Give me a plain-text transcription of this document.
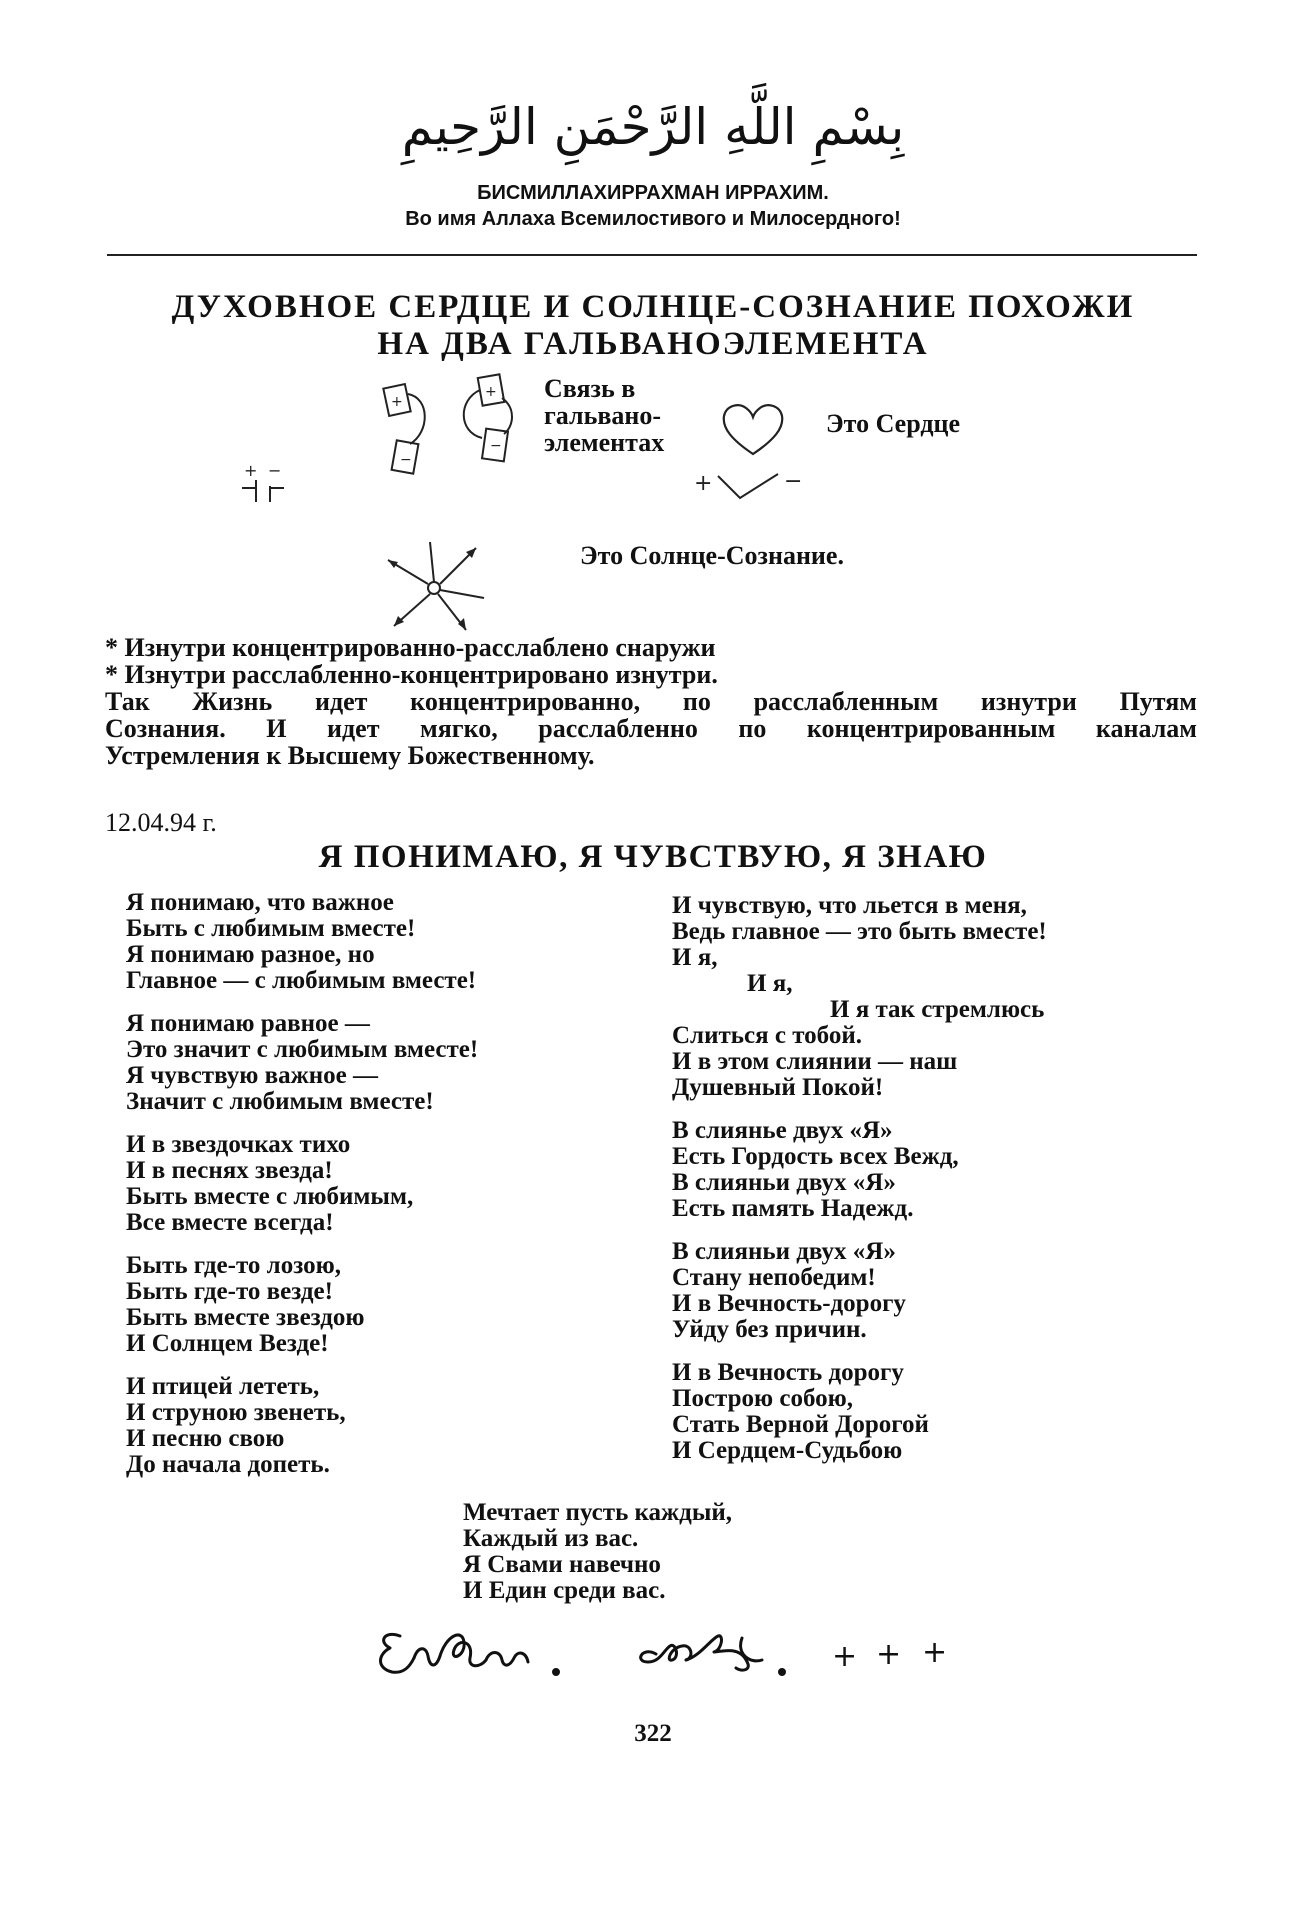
بِسْمِ اللَّهِ الرَّحْمَنِ الرَّحِيمِ
БИСМИЛЛАХИРРАХМАН ИРРАХИМ.
Во имя Аллаха Всемилостивого и Милосердного!
ДУХОВНОЕ СЕРДЦЕ И СОЛНЦЕ-СОЗНАНИЕ ПОХОЖИ
НА ДВА ГАЛЬВАНОЭЛЕМЕНТА
+
−
+
−
+ −
Связь в
гальвано-
элементах
+	−
Это Сердце
Это Солнце-Сознание.
* Изнутри концентрированно-расслаблено снаружи
* Изнутри расслабленно-концентрировано изнутри.
Так Жизнь идет концентрированно, по расслабленным изнутри Путям
Сознания. И идет мягко, расслабленно по концентрированным каналам
Устремления к Высшему Божественному.
12.04.94 г.
Я ПОНИМАЮ, Я ЧУВСТВУЮ, Я ЗНАЮ
Я понимаю, что важное
Быть с любимым вместе!
Я понимаю разное, но
Главное — с любимым вместе!
Я понимаю равное —
Это значит с любимым вместе!
Я чувствую важное —
Значит с любимым вместе!
И в звездочках тихо
И в песнях звезда!
Быть вместе с любимым,
Все вместе всегда!
Быть где-то лозою,
Быть где-то везде!
Быть вместе звездою
И Солнцем Везде!
И птицей лететь,
И струною звенеть,
И песню свою
До начала допеть.
И чувствую, что льется в меня,
Ведь главное — это быть вместе!
И я,
И я,
И я так стремлюсь
Слиться с тобой.
И в этом слиянии — наш
Душевный Покой!
В слиянье двух «Я»
Есть Гордость всех Вежд,
В слияньи двух «Я»
Есть память Надежд.
В слияньи двух «Я»
Стану непобедим!
И в Вечность-дорогу
Уйду без причин.
И в Вечность дорогу
Построю собою,
Стать Верной Дорогой
И Сердцем-Судьбою
Мечтает пусть каждый,
Каждый из вас.
Я Свами навечно
И Един среди вас.
+ + +
322
